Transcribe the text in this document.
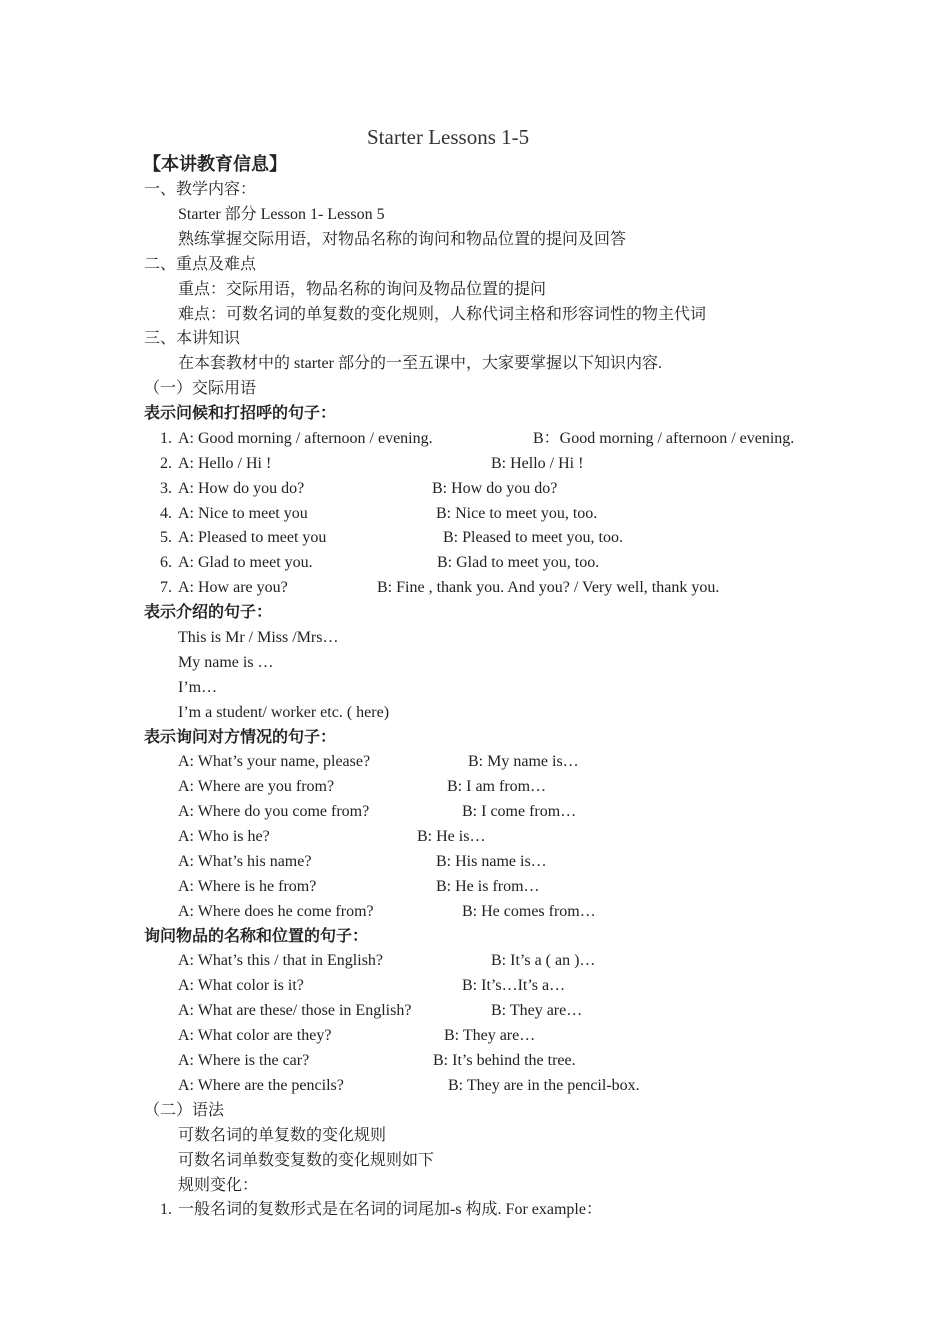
Starter Lessons 1-5
【本讲教育信息】
一、教学内容：
Starter 部分 Lesson 1- Lesson 5
熟练掌握交际用语，对物品名称的询问和物品位置的提问及回答
二、重点及难点
重点：交际用语，物品名称的询问及物品位置的提问
难点：可数名词的单复数的变化规则，人称代词主格和形容词性的物主代词
三、本讲知识
在本套教材中的 starter 部分的一至五课中，大家要掌握以下知识内容.
（一）交际用语
表示问候和打招呼的句子：
1. A: Good morning / afternoon / evening.	B：Good morning / afternoon / evening.
2. A: Hello / Hi !	B: Hello / Hi !
3. A: How do you do?	B: How do you do?
4. A: Nice to meet you	B: Nice to meet you, too.
5. A: Pleased to meet you	B: Pleased to meet you, too.
6. A: Glad to meet you.	B: Glad to meet you, too.
7. A: How are you?	B: Fine , thank you. And you? / Very well, thank you.
表示介绍的句子：
This is Mr / Miss /Mrs…
My name is …
I’m…
I’m a student/ worker etc. ( here)
表示询问对方情况的句子：
A: What’s your name, please?	B: My name is…
A: Where are you from?	B: I am from…
A: Where do you come from?	B: I come from…
A: Who is he?	B: He is…
A: What’s his name?	B: His name is…
A: Where is he from?	B: He is from…
A: Where does he come from?	B: He comes from…
询问物品的名称和位置的句子：
A: What’s this / that in English?	B: It’s a ( an )…
A: What color is it?	B: It’s…It’s a…
A: What are these/ those in English?	B: They are…
A: What color are they?	B: They are…
A: Where is the car?	B: It’s behind the tree.
A: Where are the pencils?	B: They are in the pencil-box.
（二）语法
可数名词的单复数的变化规则
可数名词单数变复数的变化规则如下
规则变化：
1. 一般名词的复数形式是在名词的词尾加-s 构成. For example：
